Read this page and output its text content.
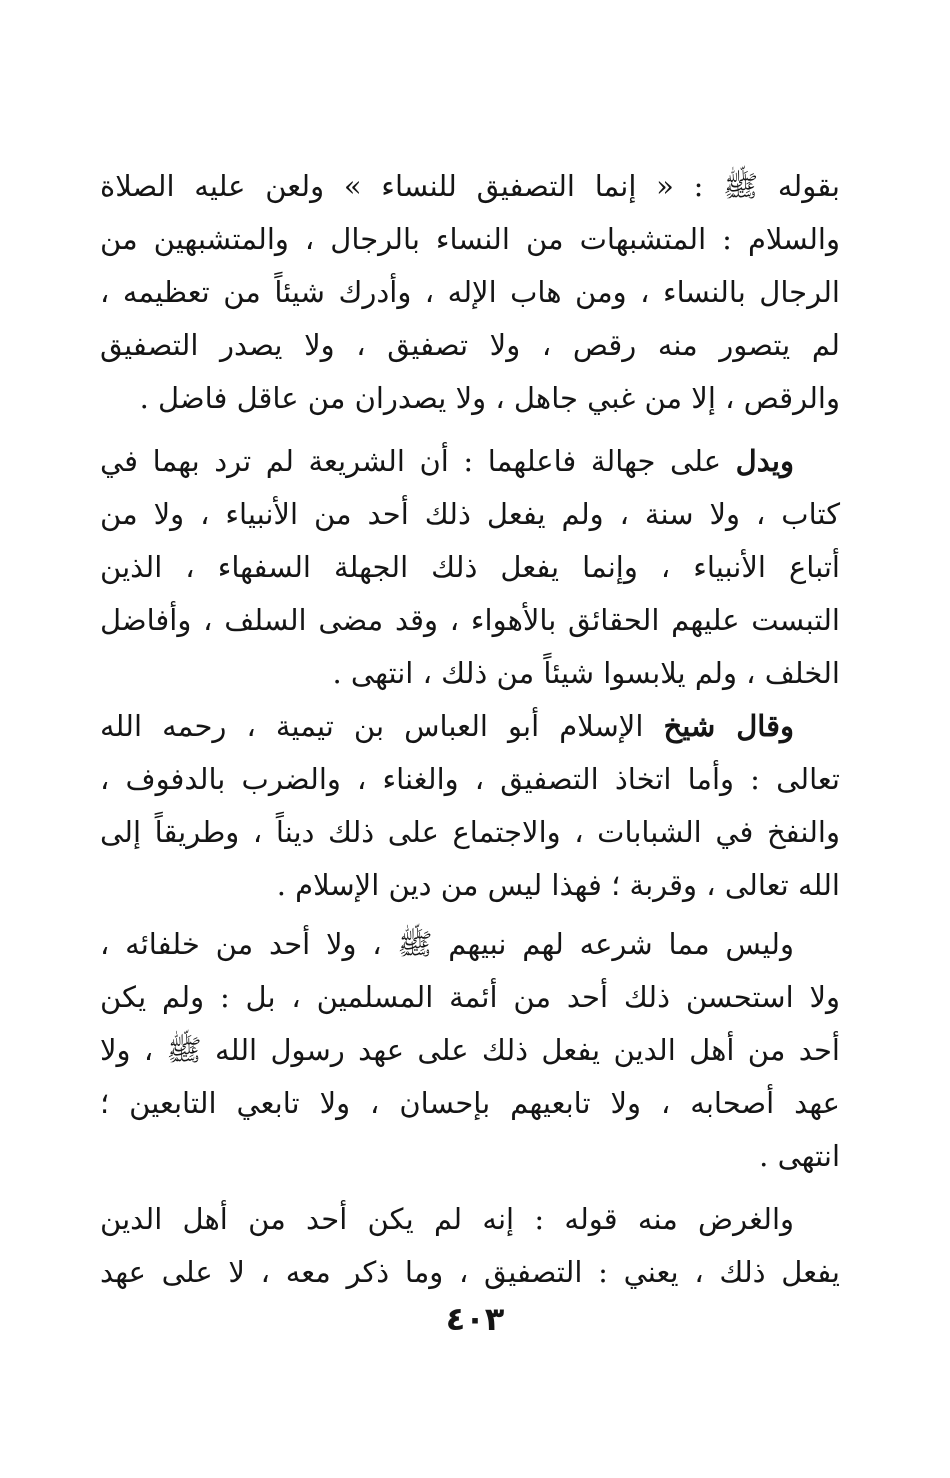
بقوله ﷺ : « إنما التصفيق للنساء » ولعن عليه الصلاة
والسلام : المتشبهات من النساء بالرجال ، والمتشبهين من
الرجال بالنساء ، ومن هاب الإله ، وأدرك شيئاً من تعظيمه ،
لم يتصور منه رقص ، ولا تصفيق ، ولا يصدر التصفيق
والرقص ، إلا من غبي جاهل ، ولا يصدران من عاقل فاضل .
ويدل على جهالة فاعلهما : أن الشريعة لم ترد بهما في
كتاب ، ولا سنة ، ولم يفعل ذلك أحد من الأنبياء ، ولا من
أتباع الأنبياء ، وإنما يفعل ذلك الجهلة السفهاء ، الذين
التبست عليهم الحقائق بالأهواء ، وقد مضى السلف ، وأفاضل
الخلف ، ولم يلابسوا شيئاً من ذلك ، انتهى .
وقال شيخ الإسلام أبو العباس بن تيمية ، رحمه الله
تعالى : وأما اتخاذ التصفيق ، والغناء ، والضرب بالدفوف ،
والنفخ في الشبابات ، والاجتماع على ذلك ديناً ، وطريقاً إلى
الله تعالى ، وقربة ؛ فهذا ليس من دين الإسلام .
وليس مما شرعه لهم نبيهم ﷺ ، ولا أحد من خلفائه ،
ولا استحسن ذلك أحد من أئمة المسلمين ، بل : ولم يكن
أحد من أهل الدين يفعل ذلك على عهد رسول الله ﷺ ، ولا
عهد أصحابه ، ولا تابعيهم بإحسان ، ولا تابعي التابعين ؛
انتهى .
والغرض منه قوله : إنه لم يكن أحد من أهل الدين
يفعل ذلك ، يعني : التصفيق ، وما ذكر معه ، لا على عهد
٤٠٣
